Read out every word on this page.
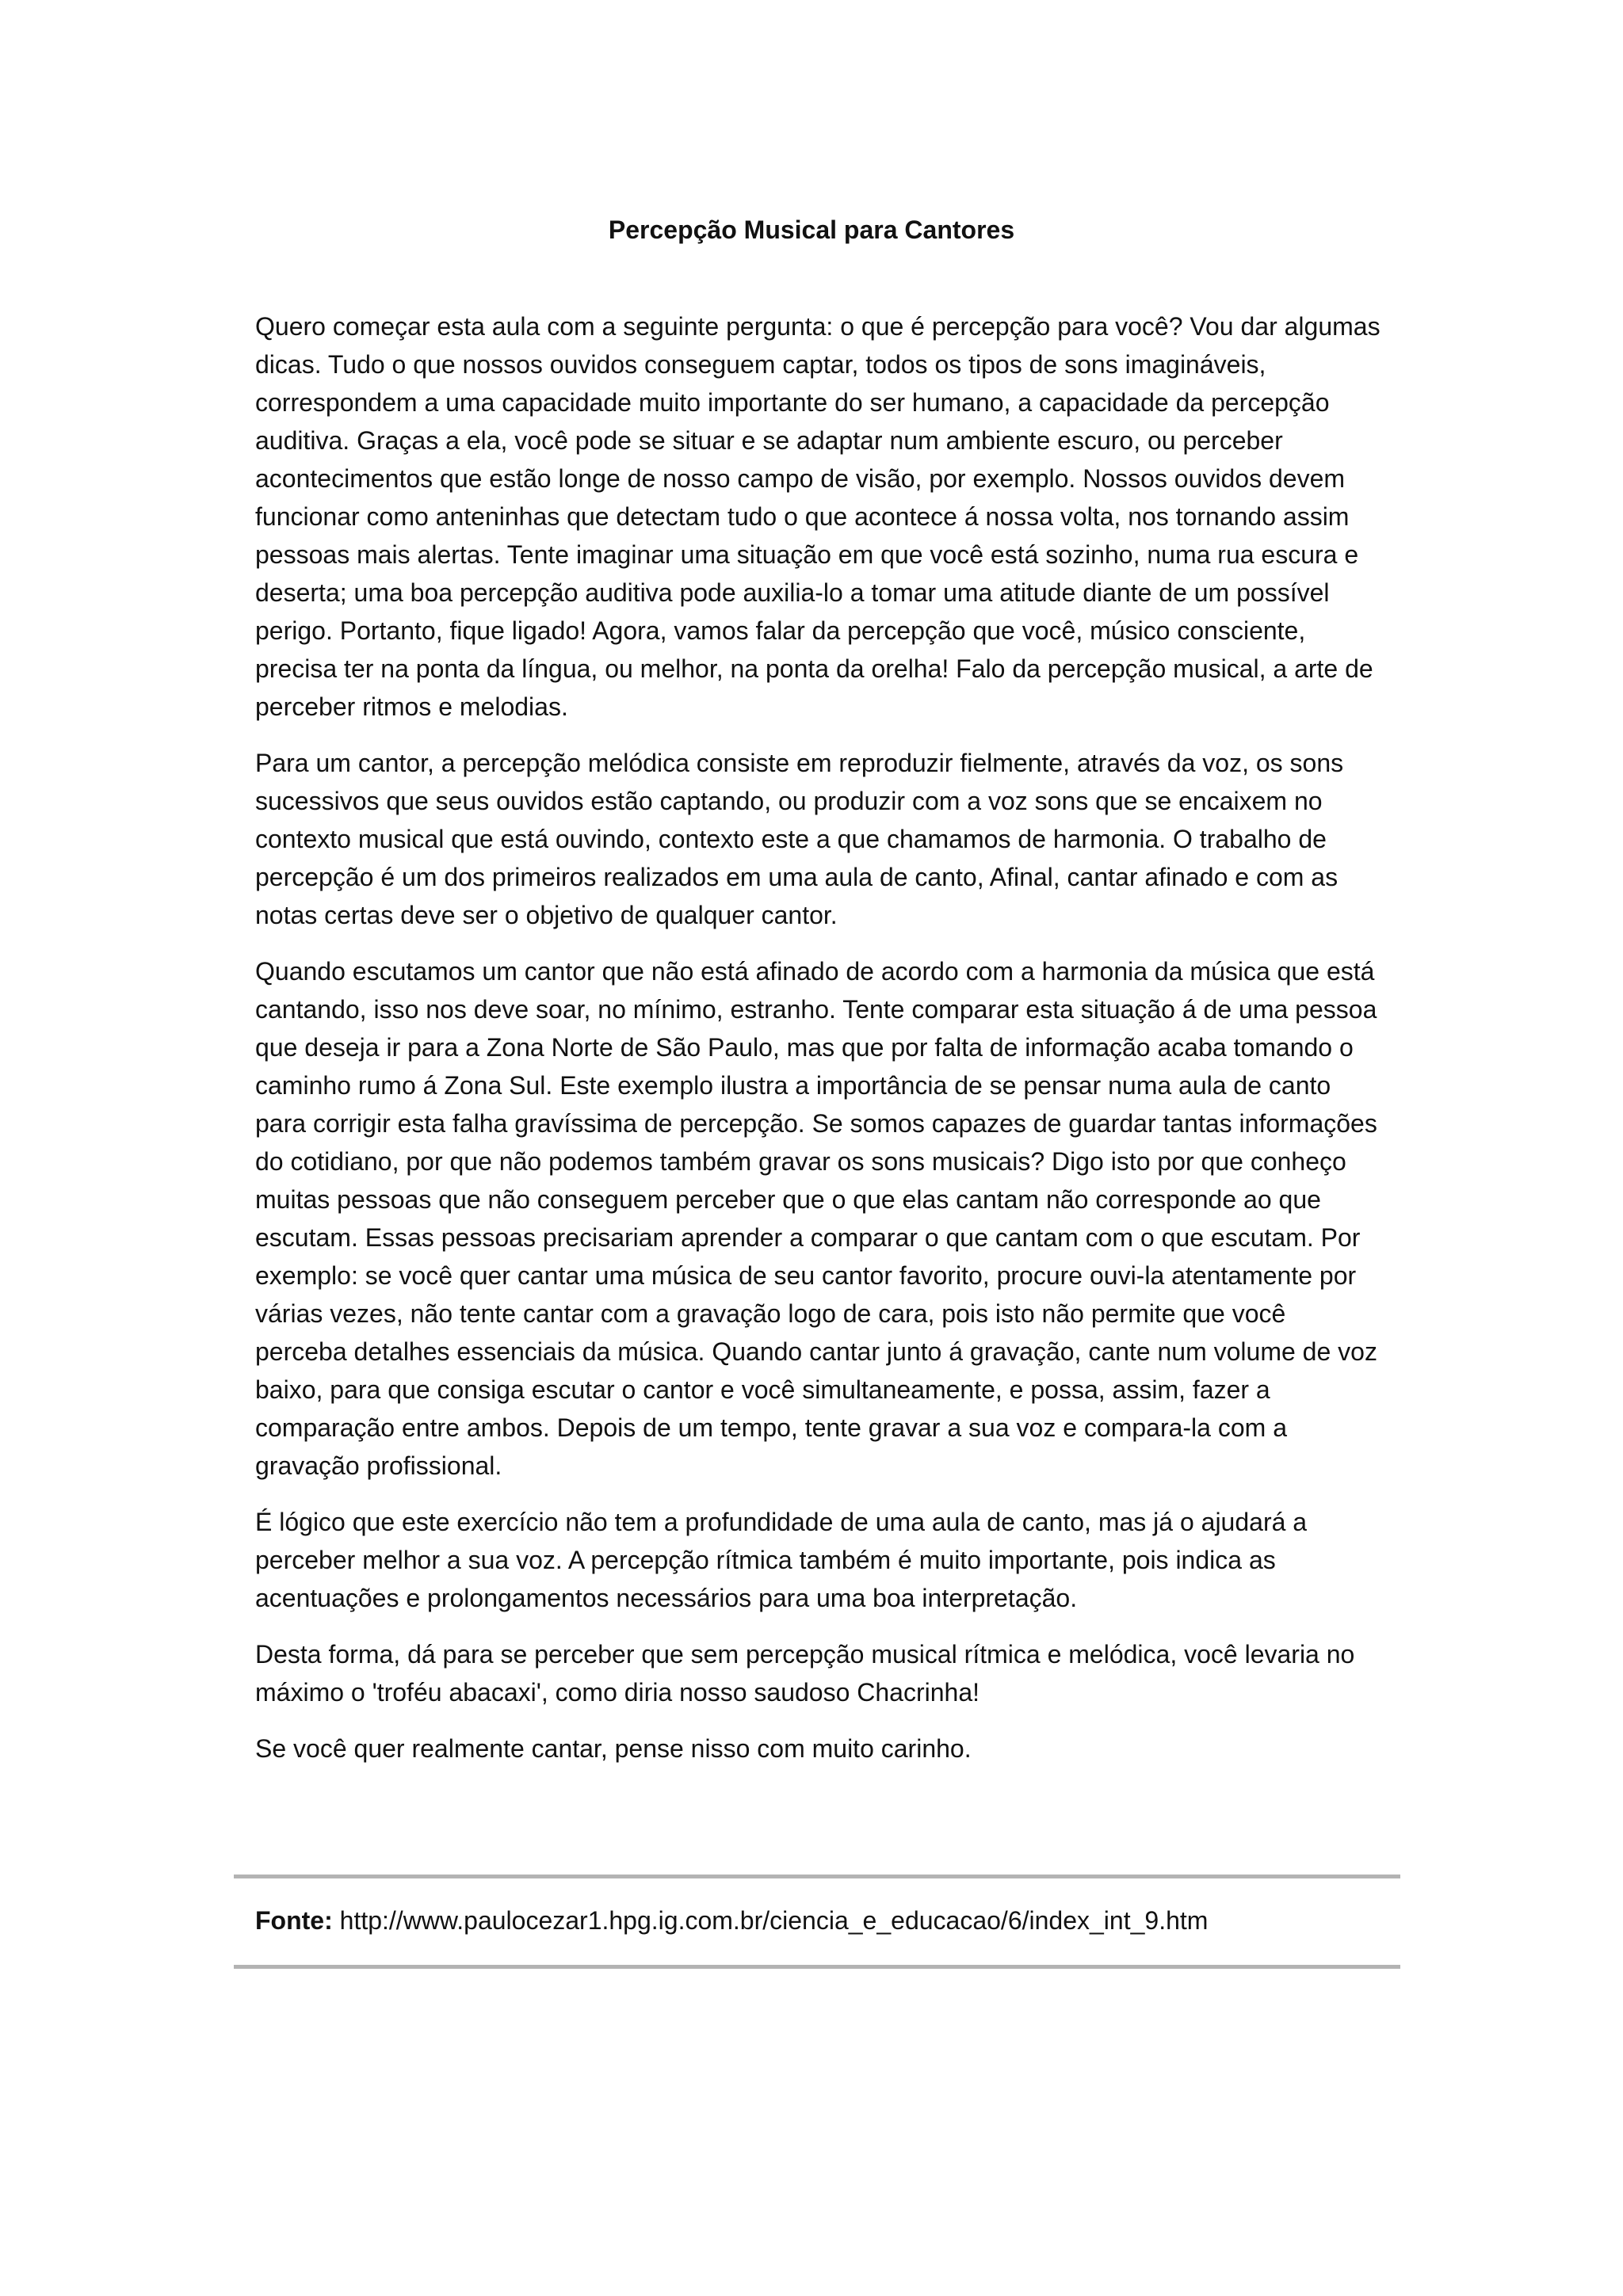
Percepção Musical para Cantores

Quero começar esta aula com a seguinte pergunta: o que é percepção para você? Vou dar algumas dicas. Tudo o que nossos ouvidos conseguem captar, todos os tipos de sons imagináveis, correspondem a uma capacidade muito importante do ser humano, a capacidade da percepção auditiva. Graças a ela, você pode se situar e se adaptar num ambiente escuro, ou perceber acontecimentos que estão longe de nosso campo de visão, por exemplo. Nossos ouvidos devem funcionar como anteninhas que detectam tudo o que acontece á nossa volta, nos tornando assim pessoas mais alertas. Tente imaginar uma situação em que você está sozinho, numa rua escura e deserta; uma boa percepção auditiva pode auxilia-lo a tomar uma atitude diante de um possível perigo. Portanto, fique ligado! Agora, vamos falar da percepção que você, músico consciente, precisa ter na ponta da língua, ou melhor, na ponta da orelha! Falo da percepção musical, a arte de perceber ritmos e melodias.

Para um cantor, a percepção melódica consiste em reproduzir fielmente, através da voz, os sons sucessivos que seus ouvidos estão captando, ou produzir com a voz sons que se encaixem no contexto musical que está ouvindo, contexto este a que chamamos de harmonia. O trabalho de percepção é um dos primeiros realizados em uma aula de canto, Afinal, cantar afinado e com as notas certas deve ser o objetivo de qualquer cantor.

Quando escutamos um cantor que não está afinado de acordo com a harmonia da música que está cantando, isso nos deve soar, no mínimo, estranho. Tente comparar esta situação á de uma pessoa que deseja ir para a Zona Norte de São Paulo, mas que por falta de informação acaba tomando o caminho rumo á Zona Sul. Este exemplo ilustra a importância de se pensar numa aula de canto para corrigir esta falha gravíssima de percepção. Se somos capazes de guardar tantas informações do cotidiano, por que não podemos também gravar os sons musicais? Digo isto por que conheço muitas pessoas que não conseguem perceber que o que elas cantam não corresponde ao que escutam. Essas pessoas precisariam aprender a comparar o que cantam com o que escutam. Por exemplo: se você quer cantar uma música de seu cantor favorito, procure ouvi-la atentamente por várias vezes, não tente cantar com a gravação logo de cara, pois isto não permite que você perceba detalhes essenciais da música. Quando cantar junto á gravação, cante num volume de voz baixo, para que consiga escutar o cantor e você simultaneamente, e possa, assim, fazer a comparação entre ambos. Depois de um tempo, tente gravar a sua voz e compara-la com a gravação profissional.

É lógico que este exercício não tem a profundidade de uma aula de canto, mas já o ajudará a perceber melhor a sua voz. A percepção rítmica também é muito importante, pois indica as acentuações e prolongamentos necessários para uma boa interpretação.

Desta forma, dá para se perceber que sem percepção musical rítmica e melódica, você levaria no máximo o 'troféu abacaxi', como diria nosso saudoso Chacrinha!

Se você quer realmente cantar, pense nisso com muito carinho.

Fonte: http://www.paulocezar1.hpg.ig.com.br/ciencia_e_educacao/6/index_int_9.htm
